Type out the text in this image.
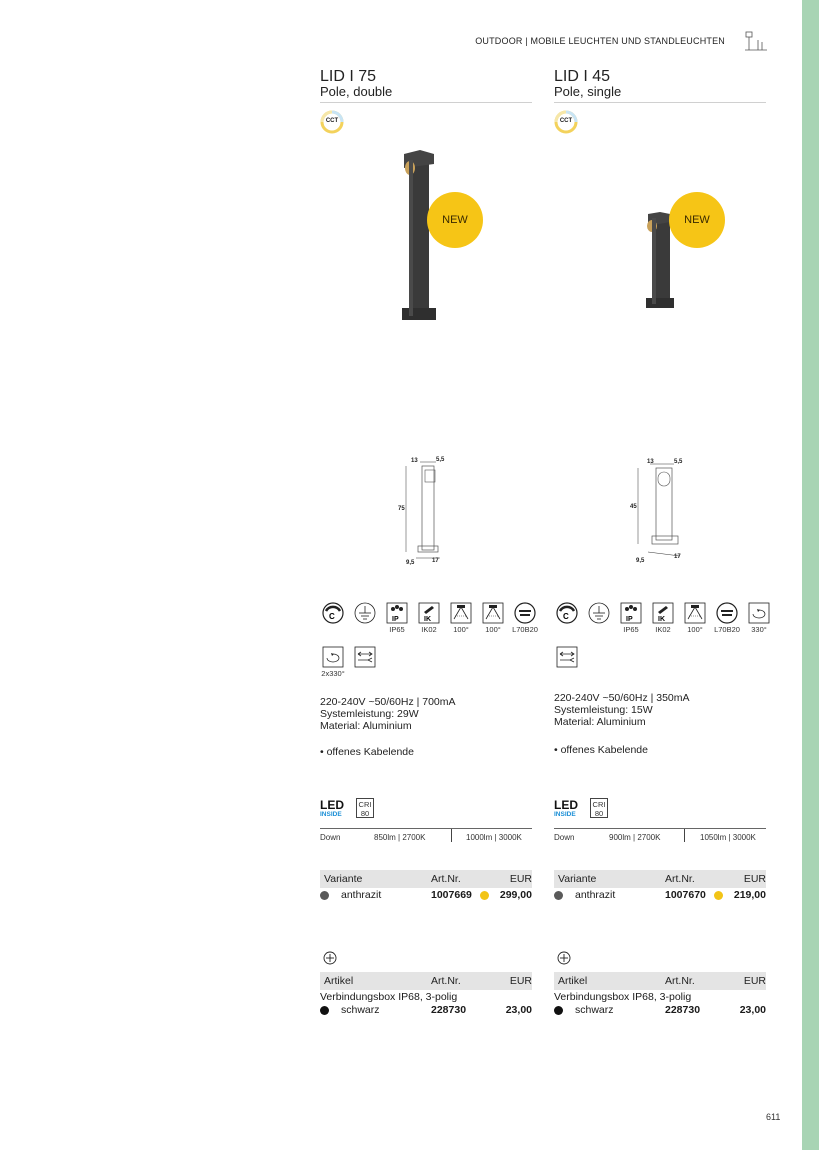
OUTDOOR | MOBILE LEUCHTEN UND STANDLEUCHTEN
LID I 75
Pole, double
CCT
NEW
13	5,5
75
9,5	17
C	IP
IP65
IK
IK02 100° 100° L70B20
2x330°
220-240V ~50/60Hz | 700mA
Systemleistung: 29W
Material: Aluminium
• offenes Kabelende
LED
INSIDE
CRI
80
Down	850lm | 2700K	1000lm | 3000K
Variante	Art.Nr.	EUR
anthrazit	1007669	299,00
Artikel	Art.Nr.	EUR
Verbindungsbox IP68, 3-polig
schwarz	228730	23,00
LID I 45
Pole, single
CCT
NEW
13	5,5
45
9,5
17
C	IP
IP65
IK
IK02 100° L70B20 330°
220-240V ~50/60Hz | 350mA
Systemleistung: 15W
Material: Aluminium
• offenes Kabelende
LED
INSIDE
CRI
80
Down	900lm | 2700K	1050lm | 3000K
Variante	Art.Nr.	EUR
anthrazit	1007670	219,00
Artikel	Art.Nr.	EUR
Verbindungsbox IP68, 3-polig
schwarz	228730	23,00
611
